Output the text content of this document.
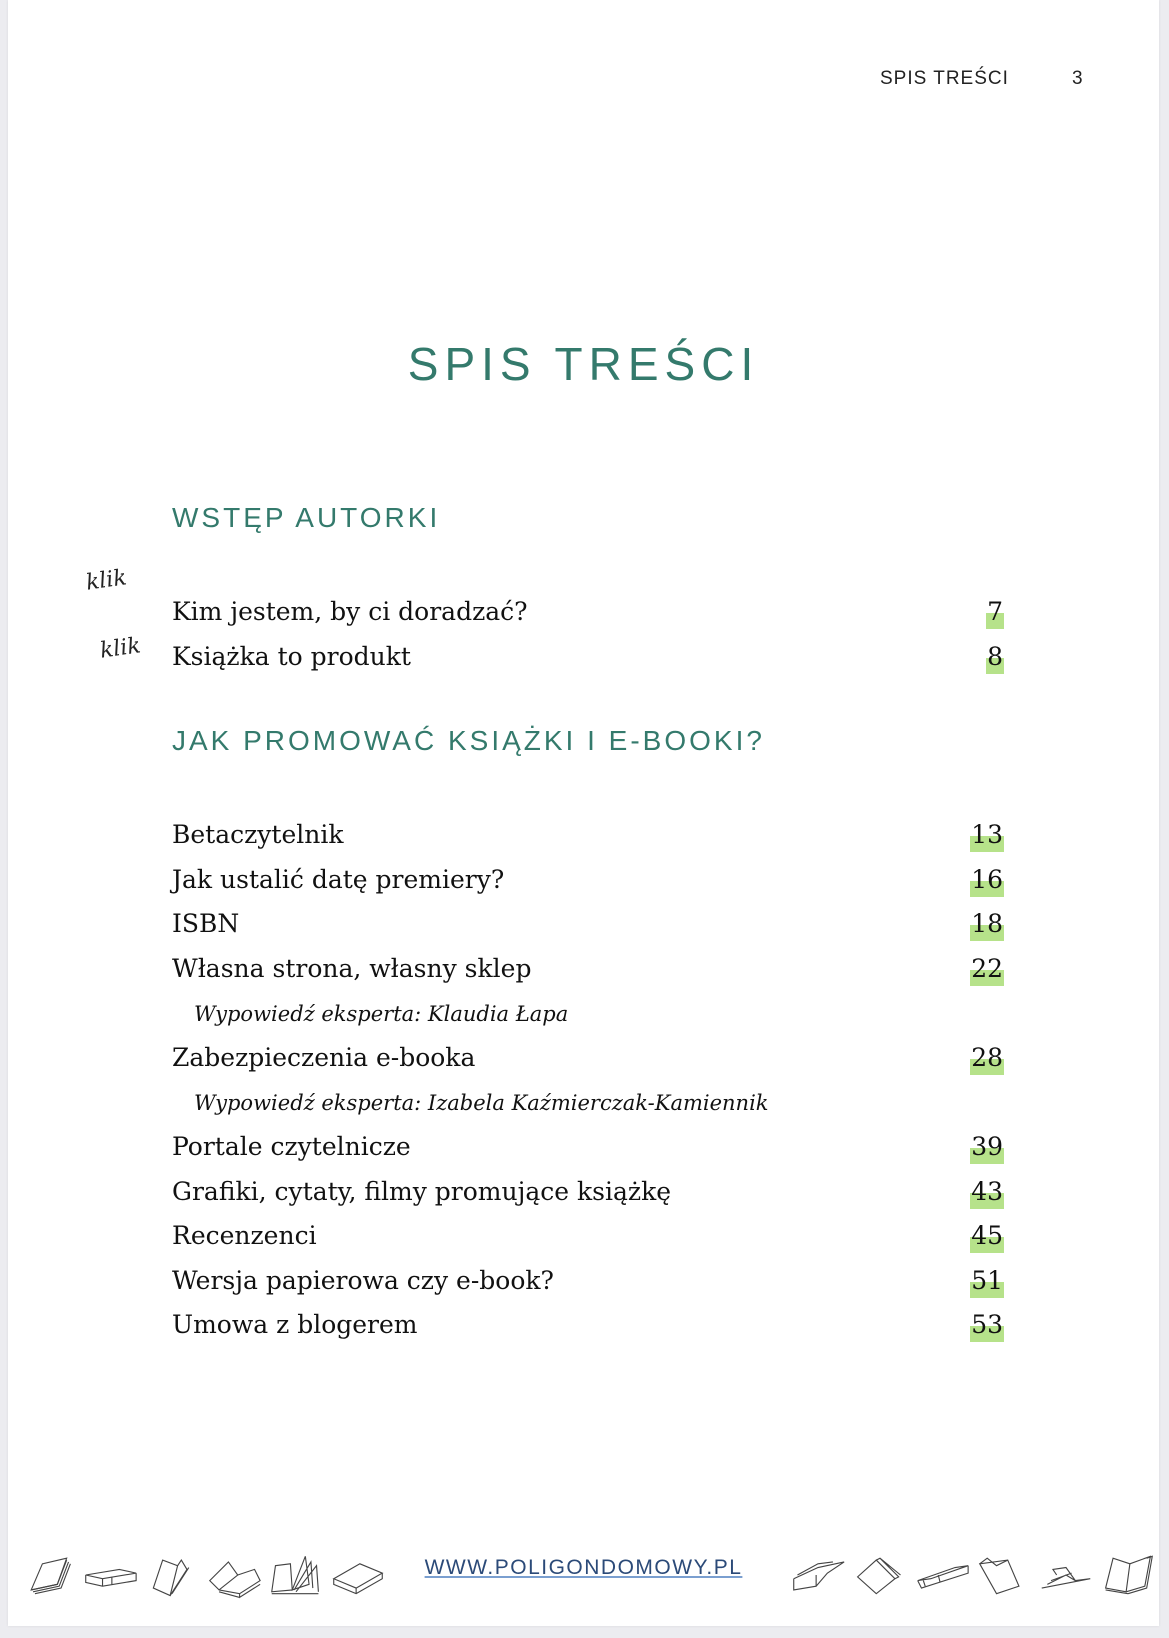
SPIS TREŚCI	3
SPIS TREŚCI
WSTĘP AUTORKI
klik
Kim jestem, by ci doradzać?	7
klik Książka to produkt	8
JAK PROMOWAĆ KSIĄŻKI I E-BOOKI?
Betaczytelnik	13
Jak ustalić datę premiery?	16
ISBN	18
Własna strona, własny sklep	22
Wypowiedź eksperta: Klaudia Łapa
Zabezpieczenia e-booka	28
Wypowiedź eksperta: Izabela Kaźmierczak-Kamiennik
Portale czytelnicze	39
Grafiki, cytaty, filmy promujące książkę	43
Recenzenci	45
Wersja papierowa czy e-book?	51
Umowa z blogerem	53
WWW.POLIGONDOMOWY.PL
